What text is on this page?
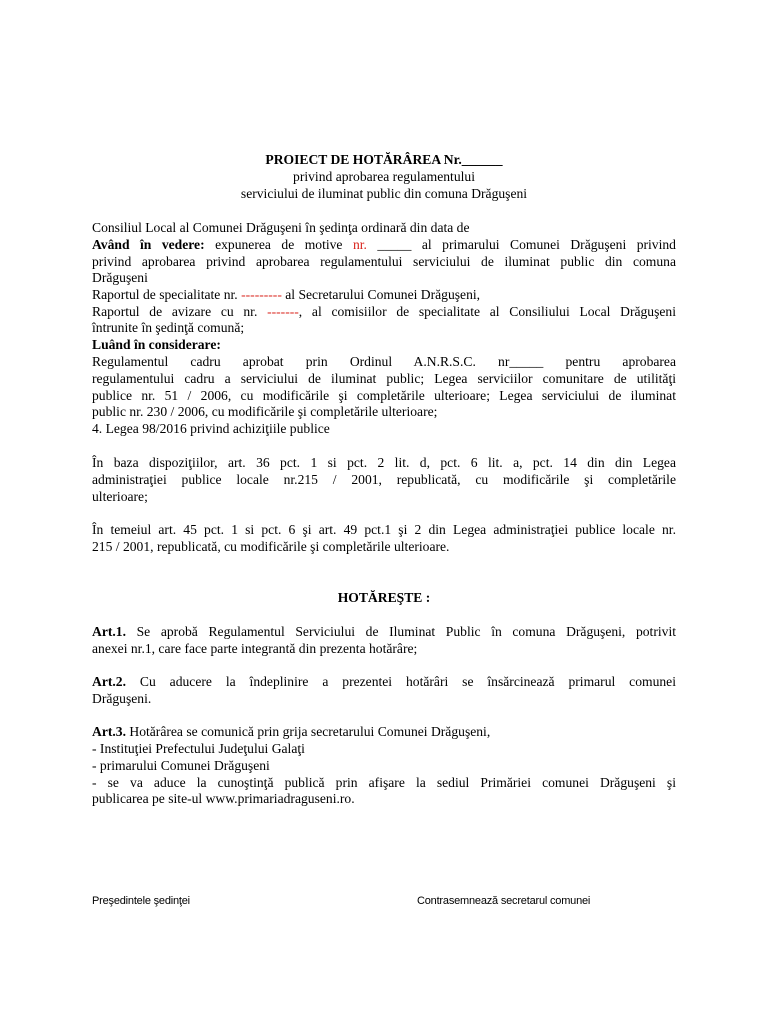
PROIECT DE HOTĂRÂREA Nr.______
privind aprobarea regulamentului
serviciului de iluminat public din comuna Drăguşeni
Consiliul Local al Comunei Drăguşeni în şedinţa ordinară din data de
Având în vedere: expunerea de motive nr. _____ al primarului Comunei Drăguşeni privind
privind aprobarea privind aprobarea regulamentului serviciului de iluminat public din comuna
Drăguşeni
Raportul de specialitate nr. --------- al Secretarului Comunei Drăguşeni,
Raportul de avizare cu nr. -------, al comisiilor de specialitate al Consiliului Local Drăguşeni
întrunite în şedinţă comună;
Luând în considerare:
Regulamentul cadru aprobat prin Ordinul A.N.R.S.C. nr_____ pentru aprobarea
regulamentului cadru a serviciului de iluminat public; Legea serviciilor comunitare de utilităţi
publice nr. 51 / 2006, cu modificările şi completările ulterioare; Legea serviciului de iluminat
public nr. 230 / 2006, cu modificările şi completările ulterioare;
4. Legea 98/2016 privind achiziţiile publice
În baza dispoziţiilor, art. 36 pct. 1 si pct. 2 lit. d, pct. 6 lit. a, pct. 14 din din Legea
administraţiei publice locale nr.215 / 2001, republicată, cu modificările şi completările
ulterioare;
În temeiul art. 45 pct. 1 si pct. 6 şi art. 49 pct.1 şi 2 din Legea administraţiei publice locale nr.
215 / 2001, republicată, cu modificările şi completările ulterioare.
HOTĂREŞTE :
Art.1. Se aprobă Regulamentul Serviciului de Iluminat Public în comuna Drăguşeni, potrivit
anexei nr.1, care face parte integrantă din prezenta hotărâre;
Art.2. Cu aducere la îndeplinire a prezentei hotărâri se însărcinează primarul comunei
Drăguşeni.
Art.3. Hotărârea se comunică prin grija secretarului Comunei Drăguşeni,
- Instituţiei Prefectului Judeţului Galaţi
- primarului Comunei Drăguşeni
- se va aduce la cunoştinţă publică prin afişare la sediul Primăriei comunei Drăguşeni şi
publicarea pe site-ul www.primariadraguseni.ro.
Preşedintele şedinţei	Contrasemnează secretarul comunei
